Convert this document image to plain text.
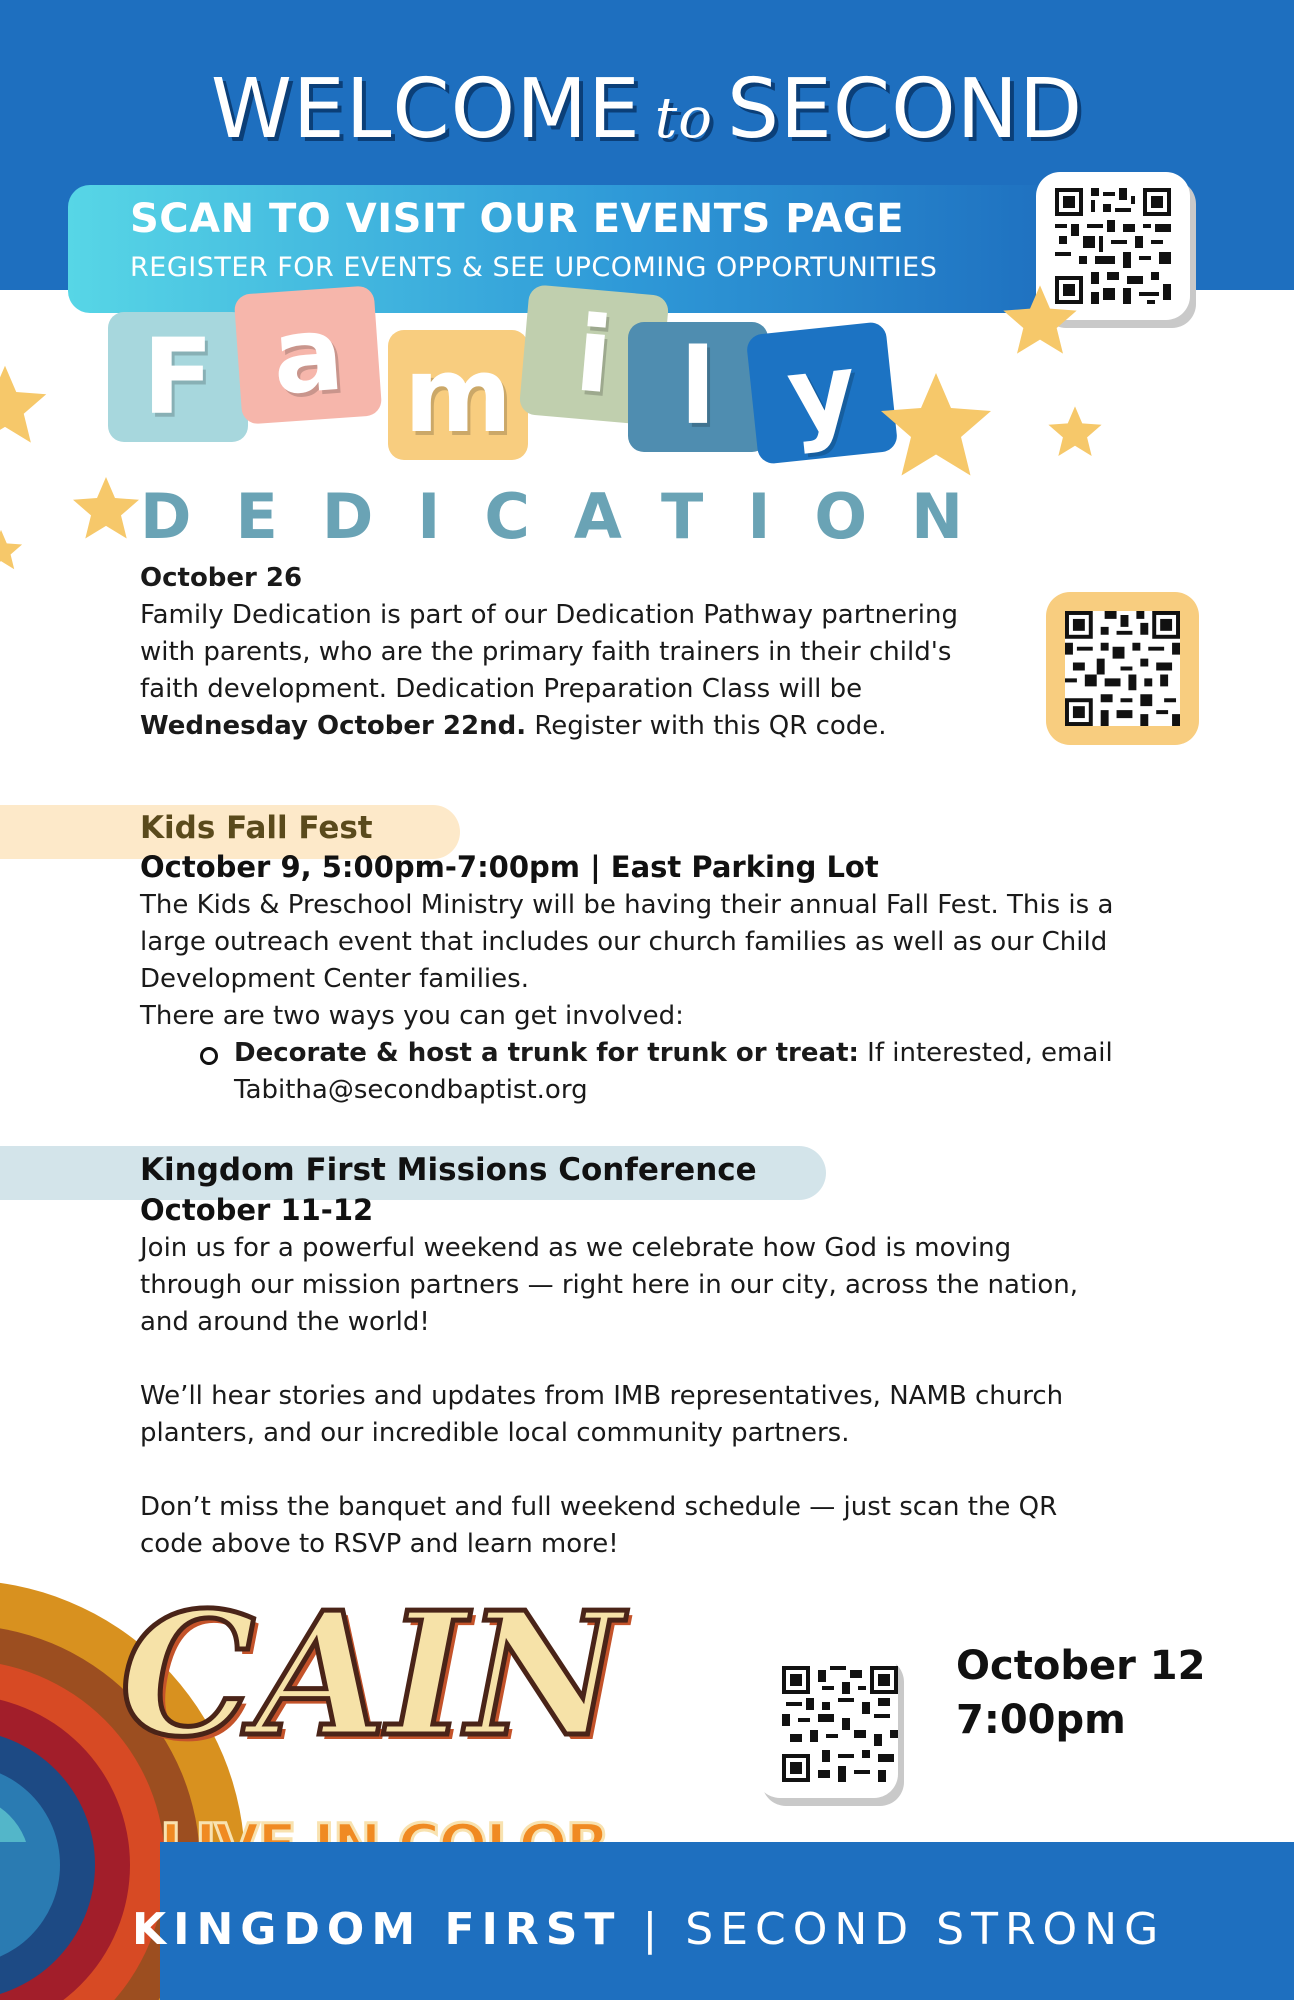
WELCOME to SECOND
SCAN TO VISIT OUR EVENTS PAGE
REGISTER FOR EVENTS & SEE UPCOMING OPPORTUNITIES
F a m i l y
DEDICATION
October 26
Family Dedication is part of our Dedication Pathway partnering
with parents, who are the primary faith trainers in their child's
faith development. Dedication Preparation Class will be
Wednesday October 22nd. Register with this QR code.
Kids Fall Fest
October 9, 5:00pm-7:00pm | East Parking Lot
The Kids & Preschool Ministry will be having their annual Fall Fest. This is a
large outreach event that includes our church families as well as our Child
Development Center families.
There are two ways you can get involved:
Decorate & host a trunk for trunk or treat: If interested, email
Tabitha@secondbaptist.org
Kingdom First Missions Conference
October 11-12
Join us for a powerful weekend as we celebrate how God is moving
through our mission partners — right here in our city, across the nation,
and around the world!
We’ll hear stories and updates from IMB representatives, NAMB church
planters, and our incredible local community partners.
Don’t miss the banquet and full weekend schedule — just scan the QR
code above to RSVP and learn more!
CAIN	October 12
7:00pm
KINGDOM FIRST | SECOND STRONG
